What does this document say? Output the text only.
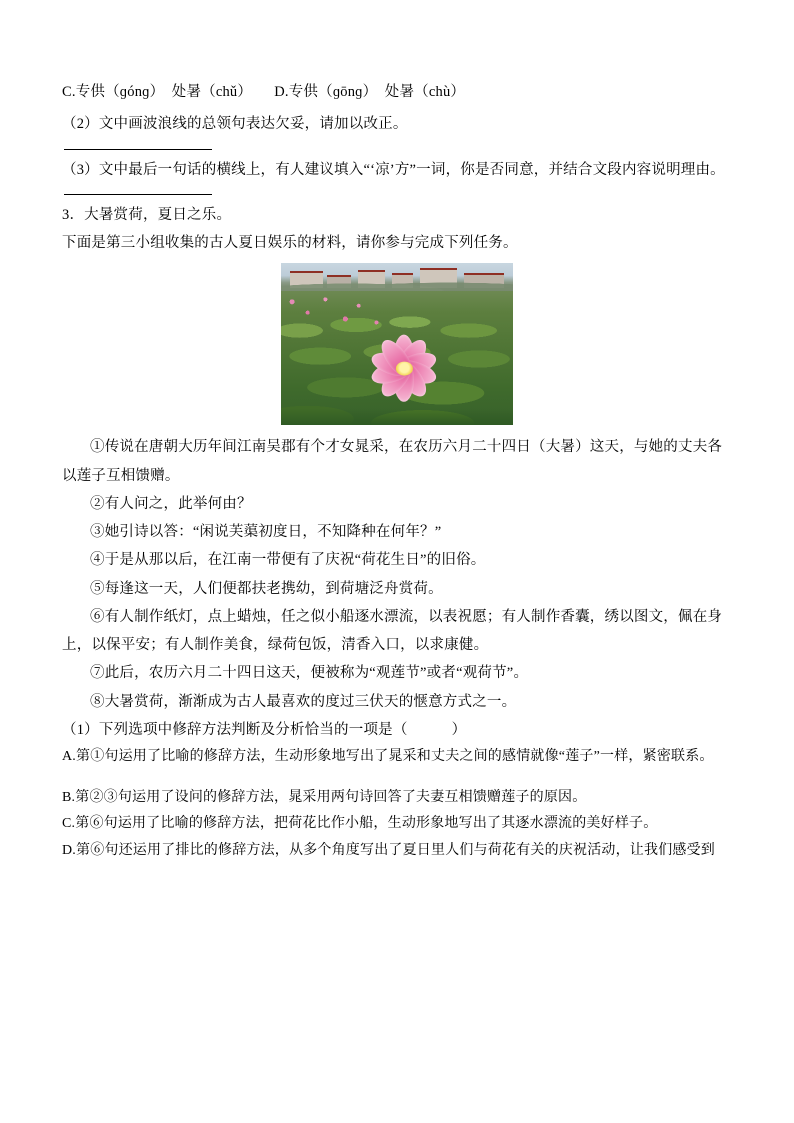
C.专供（ɡónɡ）　处暑（chǔ）　　D.专供（ɡōnɡ）　处暑（chù）
（2）文中画波浪线的总领句表达欠妥，请加以改正。
（3）文中最后一句话的横线上，有人建议填入“‘凉’方”一词，你是否同意，并结合文段内容说明理由。
3．大暑赏荷，夏日之乐。
下面是第三小组收集的古人夏日娱乐的材料，请你参与完成下列任务。
①传说在唐朝大历年间江南吴郡有个才女晁采，在农历六月二十四日（大暑）这天，与她的丈夫各以莲子互相馈赠。
②有人问之，此举何由？
③她引诗以答：“闲说芙蕖初度日，不知降种在何年？”
④于是从那以后，在江南一带便有了庆祝“荷花生日”的旧俗。
⑤每逢这一天，人们便都扶老携幼，到荷塘泛舟赏荷。
⑥有人制作纸灯，点上蜡烛，任之似小船逐水漂流，以表祝愿；有人制作香囊，绣以图文，佩在身上，以保平安；有人制作美食，绿荷包饭，清香入口，以求康健。
⑦此后，农历六月二十四日这天，便被称为“观莲节”或者“观荷节”。
⑧大暑赏荷，渐渐成为古人最喜欢的度过三伏天的惬意方式之一。
（1）下列选项中修辞方法判断及分析恰当的一项是（　　　）
A.第①句运用了比喻的修辞方法，生动形象地写出了晁采和丈夫之间的感情就像“莲子”一样，紧密联系。
B.第②③句运用了设问的修辞方法，晁采用两句诗回答了夫妻互相馈赠莲子的原因。
C.第⑥句运用了比喻的修辞方法，把荷花比作小船，生动形象地写出了其逐水漂流的美好样子。
D.第⑥句还运用了排比的修辞方法，从多个角度写出了夏日里人们与荷花有关的庆祝活动，让我们感受到
